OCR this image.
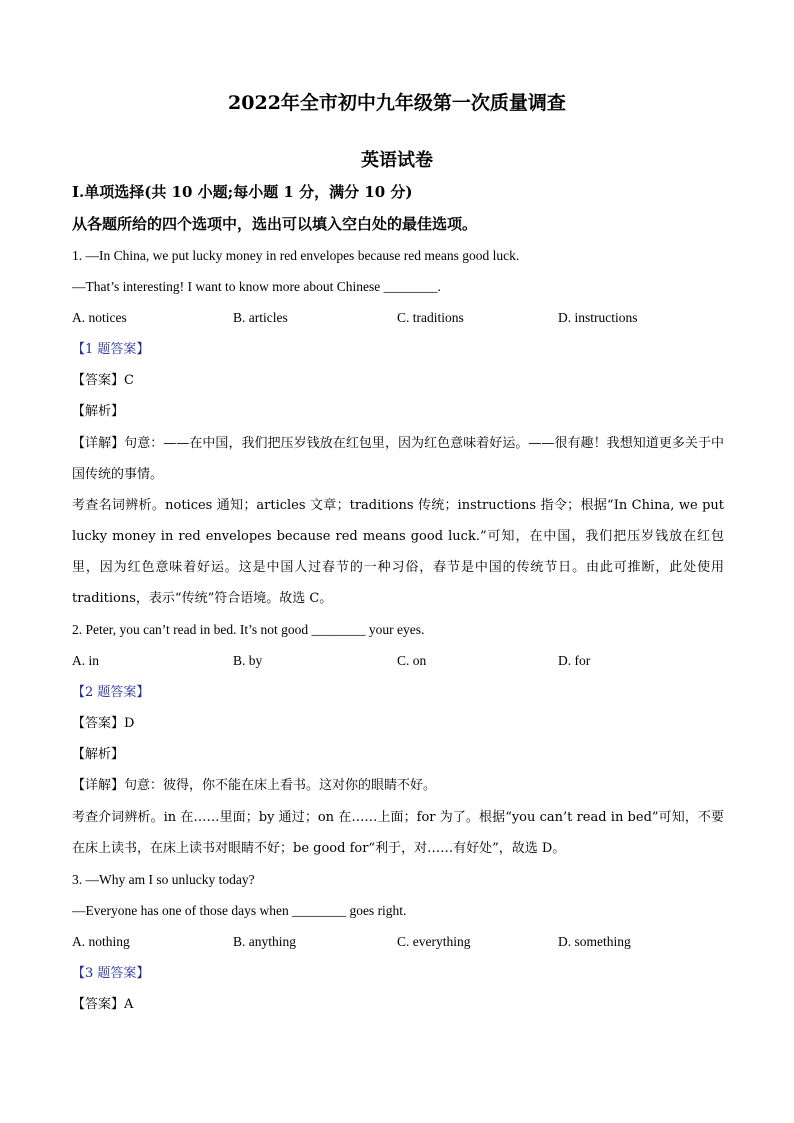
2022年全市初中九年级第一次质量调查
英语试卷
Ⅰ.单项选择(共 10 小题;每小题 1 分，满分 10 分)
从各题所给的四个选项中，选出可以填入空白处的最佳选项。
1. —In China, we put lucky money in red envelopes because red means good luck.
—That’s interesting! I want to know more about Chinese ________.
A. notices	B. articles	C. traditions	D. instructions
【1 题答案】
【答案】C
【解析】
【详解】句意：——在中国，我们把压岁钱放在红包里，因为红色意味着好运。——很有趣！我想知道更多关于中国传统的事情。
考查名词辨析。notices 通知；articles 文章；traditions 传统；instructions 指令；根据“In China, we put lucky money in red envelopes because red means good luck.”可知，在中国，我们把压岁钱放在红包里，因为红色意味着好运。这是中国人过春节的一种习俗，春节是中国的传统节日。由此可推断，此处使用 traditions，表示“传统”符合语境。故选 C。
2. Peter, you can’t read in bed. It’s not good ________ your eyes.
A. in	B. by	C. on	D. for
【2 题答案】
【答案】D
【解析】
【详解】句意：彼得，你不能在床上看书。这对你的眼睛不好。
考查介词辨析。in 在……里面；by 通过；on 在……上面；for 为了。根据“you can’t read in bed”可知，不要在床上读书，在床上读书对眼睛不好；be good for“利于，对……有好处”，故选 D。
3. —Why am I so unlucky today?
—Everyone has one of those days when ________ goes right.
A. nothing	B. anything	C. everything	D. something
【3 题答案】
【答案】A
